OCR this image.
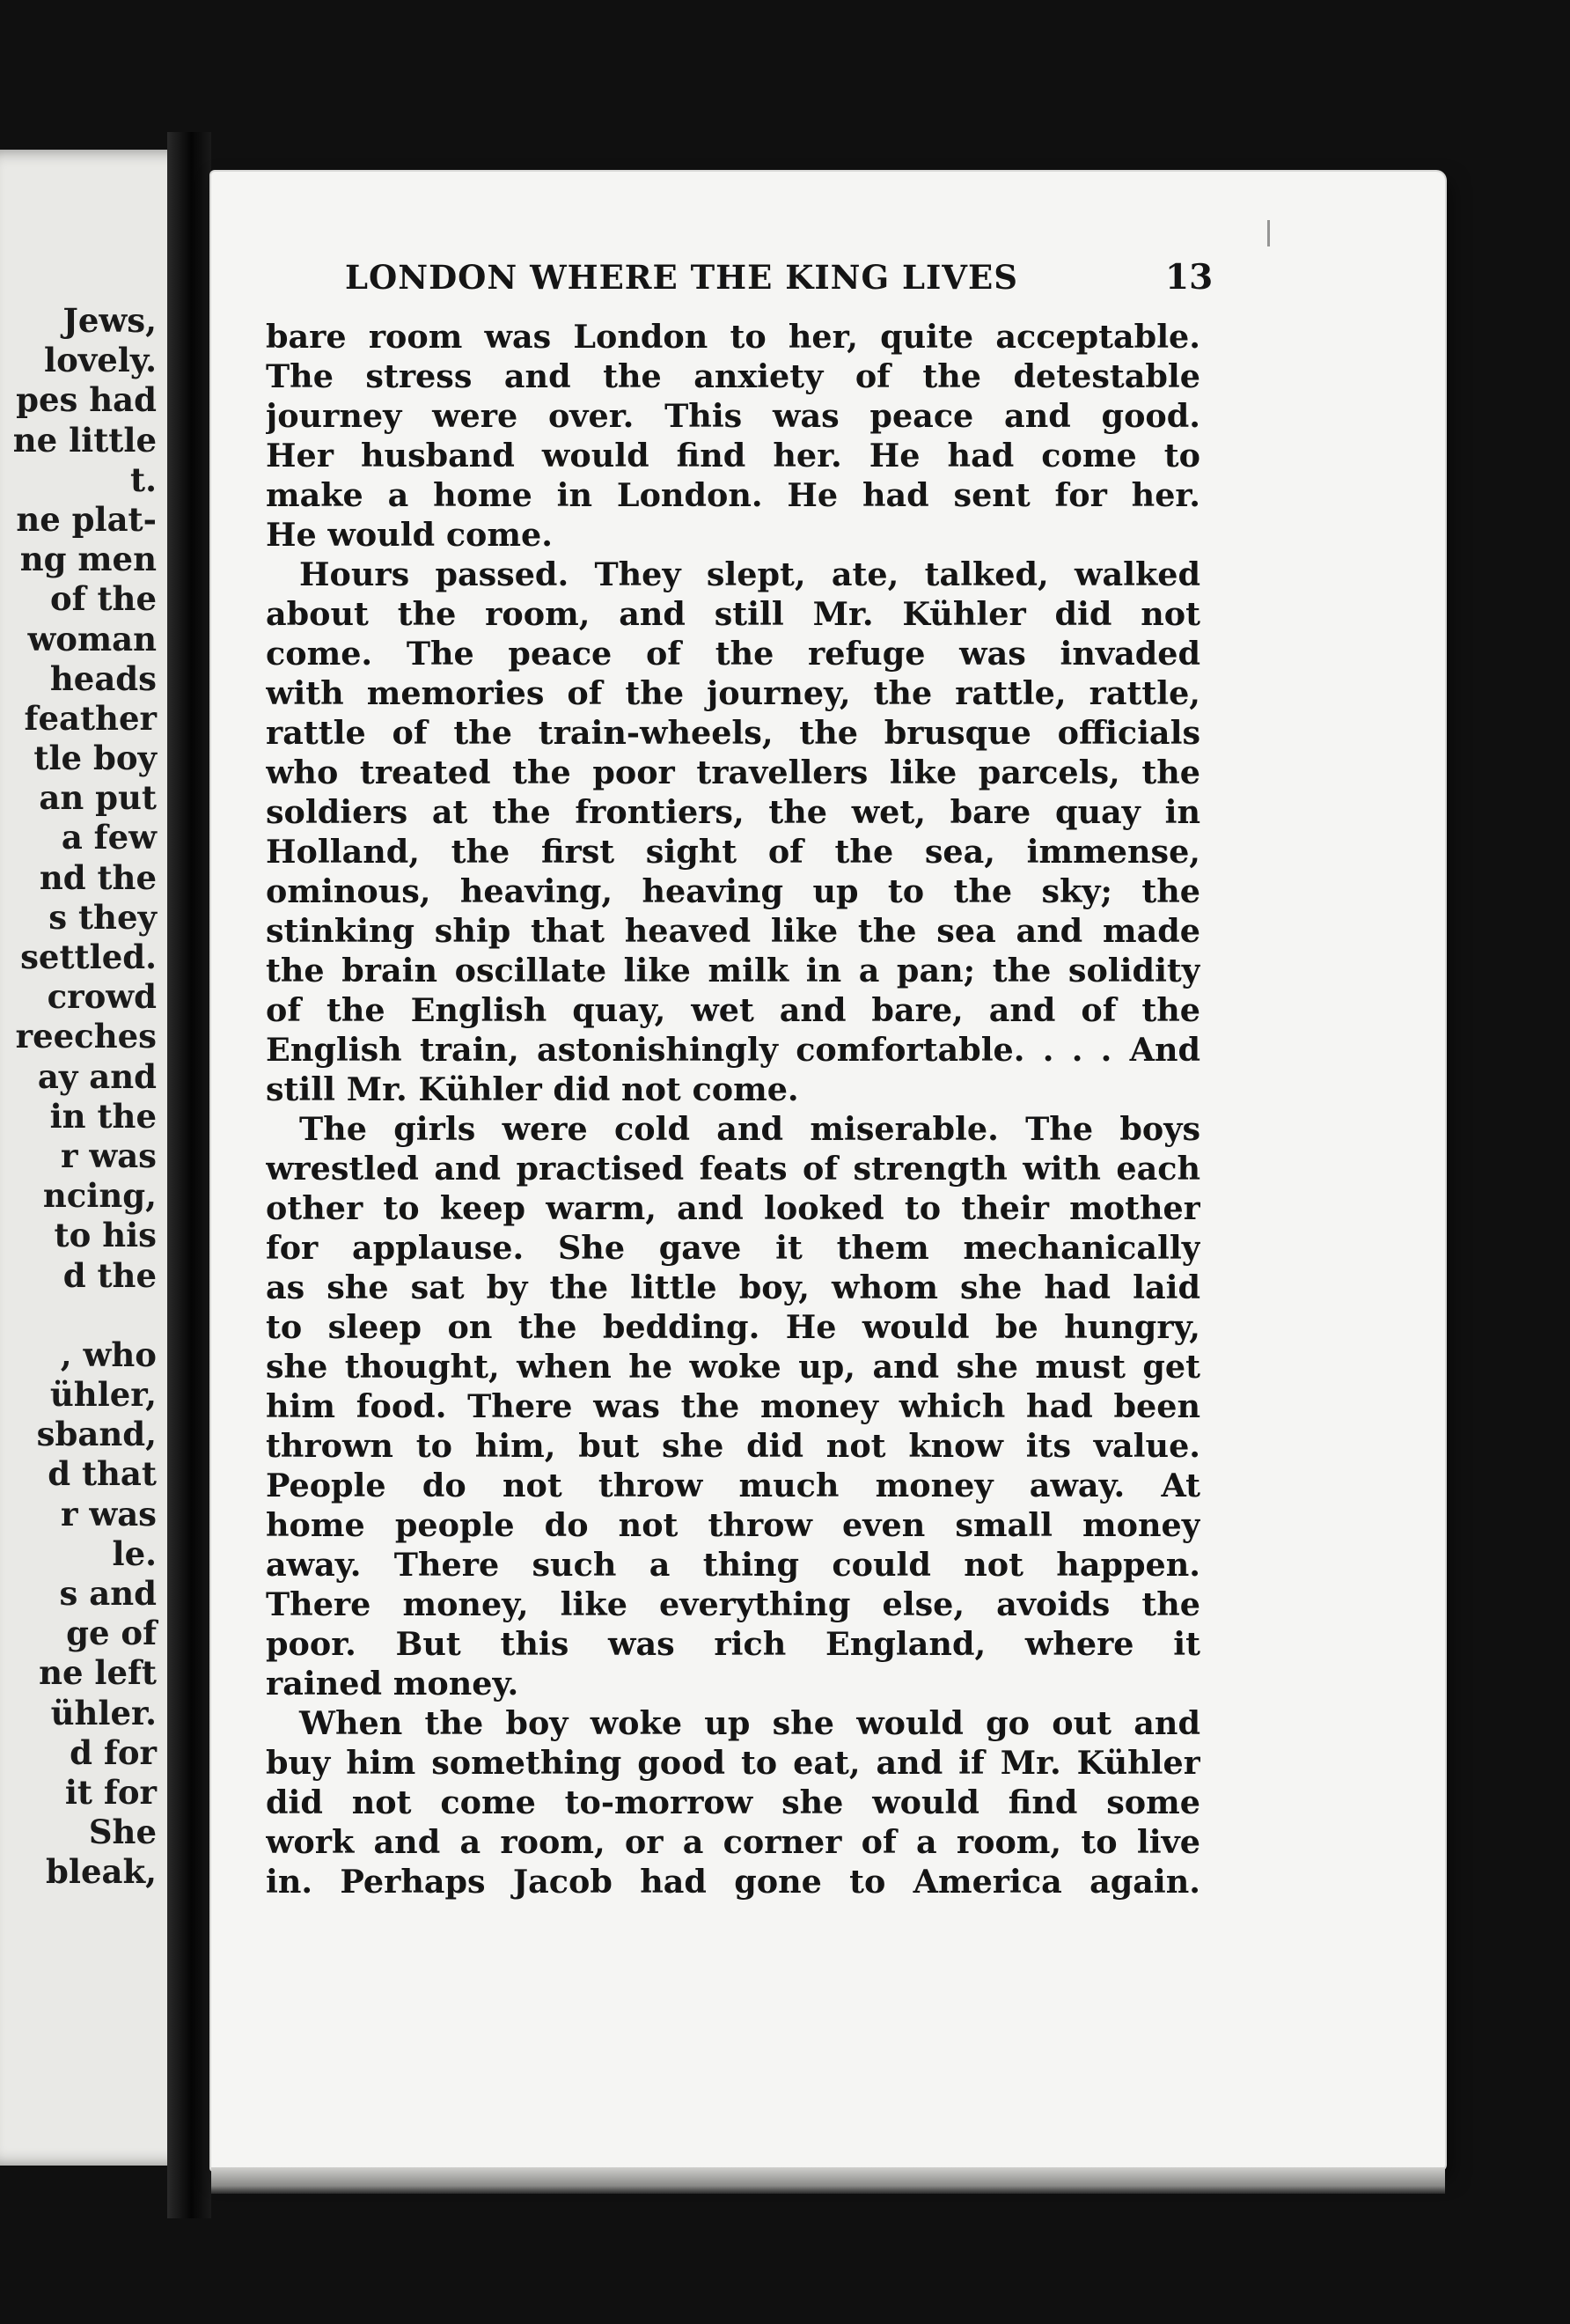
Jews,
lovely.
pes had
ne little
t.
ne plat-
ng men
of the
woman
heads
feather
tle boy
an put
a few
nd the
s they
settled.
crowd
reeches
ay and
in the
r was
ncing,
to his
d the
, who
ühler,
sband,
d that
r was
le.
s and
ge of
ne left
ühler.
d for
it for
She
bleak,
LONDON WHERE THE KING LIVES	13
bare room was London to her, quite acceptable.
The stress and the anxiety of the detestable
journey were over. This was peace and good.
Her husband would find her. He had come to
make a home in London. He had sent for her.
He would come.
Hours passed. They slept, ate, talked, walked
about the room, and still Mr. Kühler did not
come. The peace of the refuge was invaded
with memories of the journey, the rattle, rattle,
rattle of the train-wheels, the brusque officials
who treated the poor travellers like parcels, the
soldiers at the frontiers, the wet, bare quay in
Holland, the first sight of the sea, immense,
ominous, heaving, heaving up to the sky; the
stinking ship that heaved like the sea and made
the brain oscillate like milk in a pan; the solidity
of the English quay, wet and bare, and of the
English train, astonishingly comfortable. . . . And
still Mr. Kühler did not come.
The girls were cold and miserable. The boys
wrestled and practised feats of strength with each
other to keep warm, and looked to their mother
for applause. She gave it them mechanically
as she sat by the little boy, whom she had laid
to sleep on the bedding. He would be hungry,
she thought, when he woke up, and she must get
him food. There was the money which had been
thrown to him, but she did not know its value.
People do not throw much money away. At
home people do not throw even small money
away. There such a thing could not happen.
There money, like everything else, avoids the
poor. But this was rich England, where it
rained money.
When the boy woke up she would go out and
buy him something good to eat, and if Mr. Kühler
did not come to-morrow she would find some
work and a room, or a corner of a room, to live
in. Perhaps Jacob had gone to America again.
